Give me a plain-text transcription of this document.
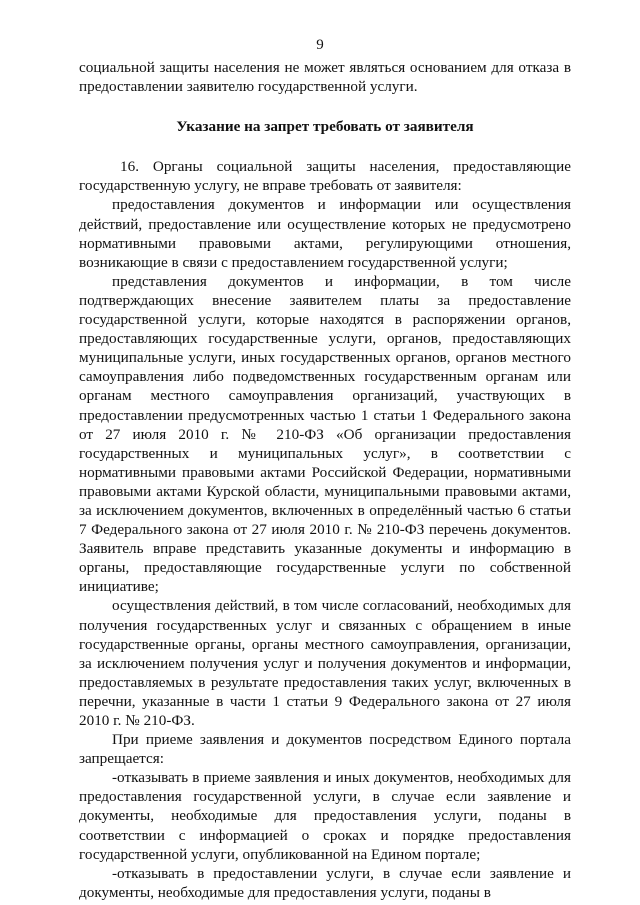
9

социальной защиты населения не может являться основанием для отказа в предоставлении заявителю государственной услуги.

Указание на запрет требовать от заявителя

16. Органы социальной защиты населения, предоставляющие государственную услугу, не вправе требовать от заявителя:

предоставления документов и информации или осуществления действий, предоставление или осуществление которых не предусмотрено нормативными правовыми актами, регулирующими отношения, возникающие в связи с предоставлением государственной услуги;

представления документов и информации, в том числе подтверждающих внесение заявителем платы за предоставление государственной услуги, которые находятся в распоряжении органов, предоставляющих государственные услуги, органов, предоставляющих муниципальные услуги, иных государственных органов, органов местного самоуправления либо подведомственных государственным органам или органам местного самоуправления организаций, участвующих в предоставлении предусмотренных частью 1 статьи 1 Федерального закона от 27 июля 2010 г. № 210-ФЗ «Об организации предоставления государственных и муниципальных услуг», в соответствии с нормативными правовыми актами Российской Федерации, нормативными правовыми актами Курской области, муниципальными правовыми актами, за исключением документов, включенных в определённый частью 6 статьи 7 Федерального закона от 27 июля 2010 г. № 210-ФЗ перечень документов. Заявитель вправе представить указанные документы и информацию в органы, предоставляющие государственные услуги по собственной инициативе;

осуществления действий, в том числе согласований, необходимых для получения государственных услуг и связанных с обращением в иные государственные органы, органы местного самоуправления, организации, за исключением получения услуг и получения документов и информации, предоставляемых в результате предоставления таких услуг, включенных в перечни, указанные в части 1 статьи 9 Федерального закона от 27 июля 2010 г. № 210-ФЗ.

При приеме заявления и документов посредством Единого портала запрещается:

-отказывать в приеме заявления и иных документов, необходимых для предоставления государственной услуги, в случае если заявление и документы, необходимые для предоставления услуги, поданы в соответствии с информацией о сроках и порядке предоставления государственной услуги, опубликованной на Едином портале;

-отказывать в предоставлении услуги, в случае если заявление и документы, необходимые для предоставления услуги, поданы в
